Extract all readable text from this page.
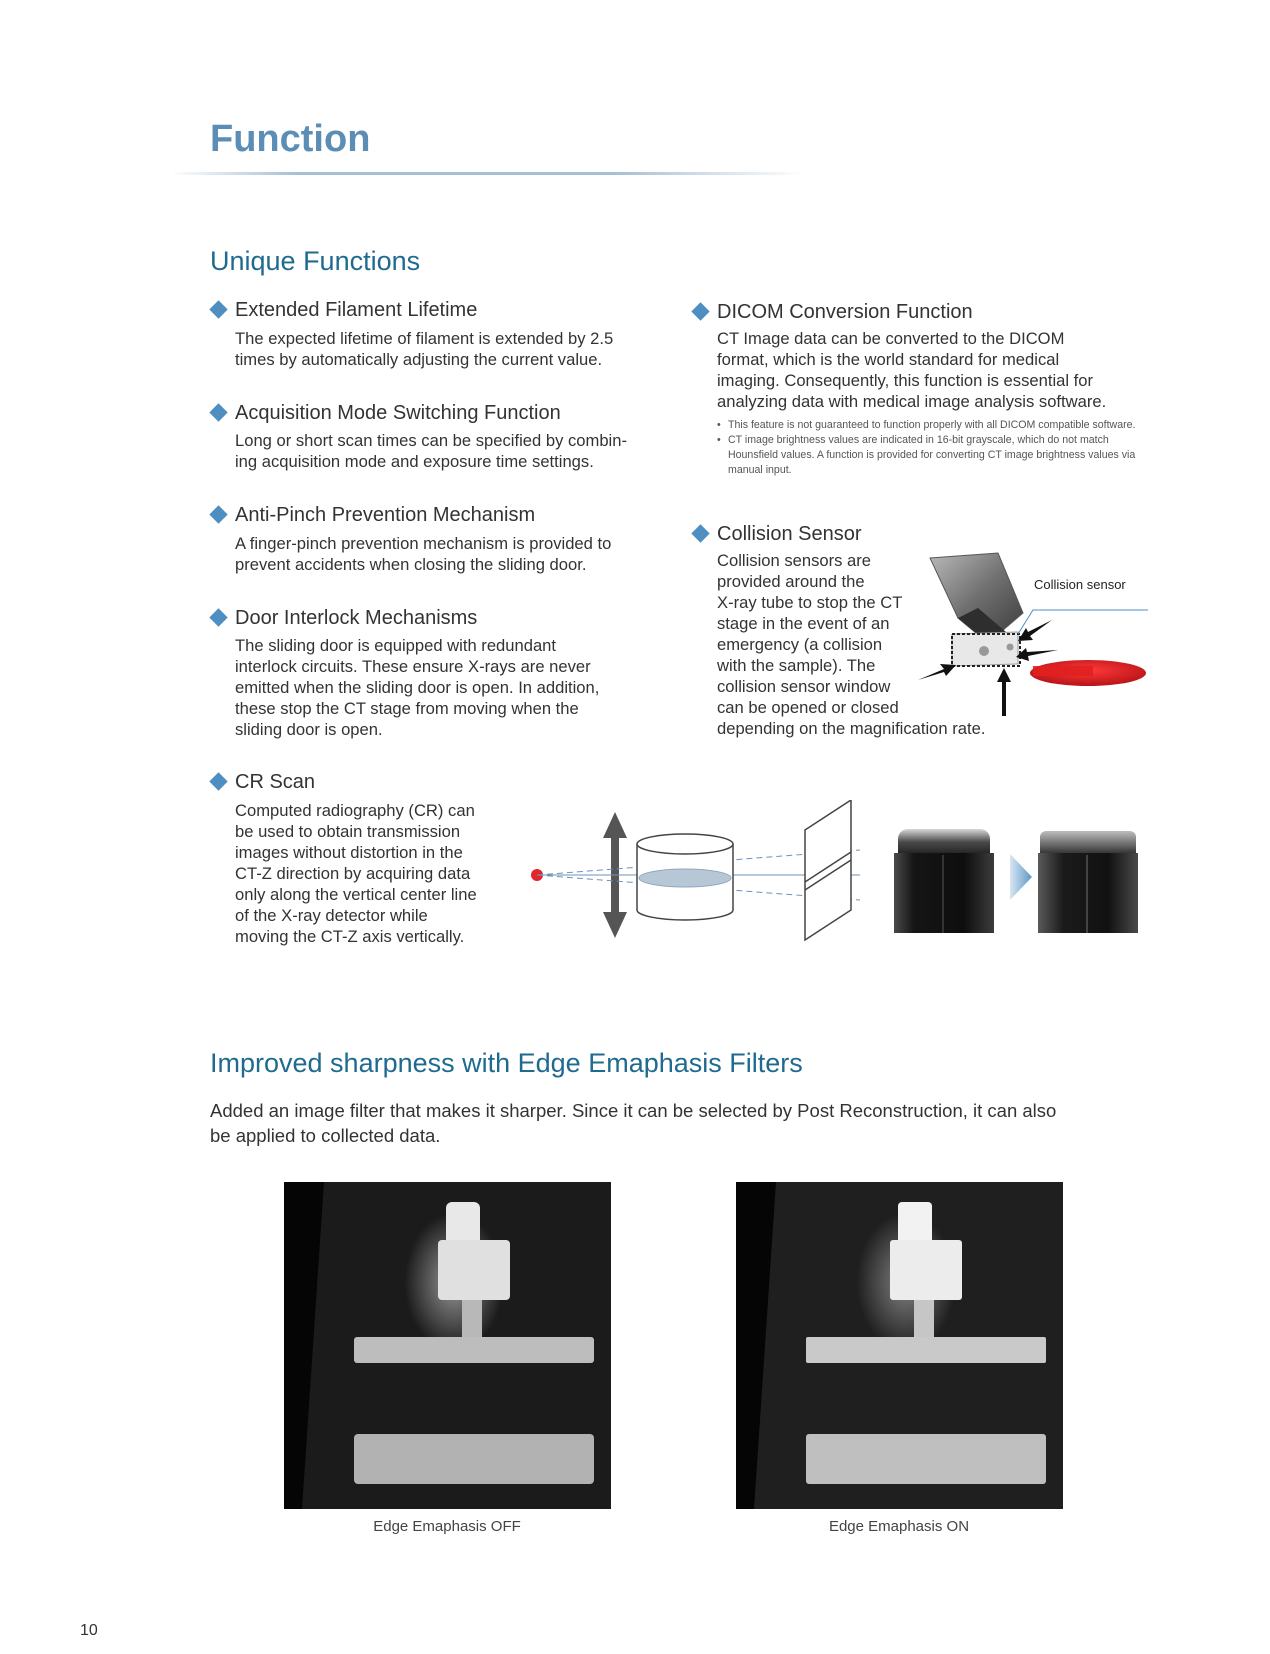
Function
Unique Functions
Extended Filament Lifetime

The expected lifetime of filament is extended by 2.5
times by automatically adjusting the current value.

Acquisition Mode Switching Function

Long or short scan times can be specified by combin-
ing acquisition mode and exposure time settings.

Anti-Pinch Prevention Mechanism

A finger-pinch prevention mechanism is provided to
prevent accidents when closing the sliding door.

Door Interlock Mechanisms

The sliding door is equipped with redundant
interlock circuits. These ensure X-rays are never
emitted when the sliding door is open. In addition,
these stop the CT stage from moving when the
sliding door is open.

DICOM Conversion Function

CT Image data can be converted to the DICOM
format, which is the world standard for medical
imaging. Consequently, this function is essential for
analyzing data with medical image analysis software.

• This feature is not guaranteed to function properly with all DICOM compatible software.
• CT image brightness values are indicated in 16-bit grayscale, which do not match Hounsfield values. A function is provided for converting CT image brightness values via manual input.
Collision Sensor

Collision sensors are
provided around the
X-ray tube to stop the CT
stage in the event of an
emergency (a collision
with the sample). The
collision sensor window
can be opened or closed
depending on the magnification rate.

Collision sensor
CR Scan

Computed radiography (CR) can
be used to obtain transmission
images without distortion in the
CT-Z direction by acquiring data
only along the vertical center line
of the X-ray detector while
moving the CT-Z axis vertically.

Improved sharpness with Edge Emaphasis Filters

Added an image filter that makes it sharper. Since it can be selected by Post Reconstruction, it can also
be applied to collected data.

Edge Emaphasis OFF	Edge Emaphasis ON
10
